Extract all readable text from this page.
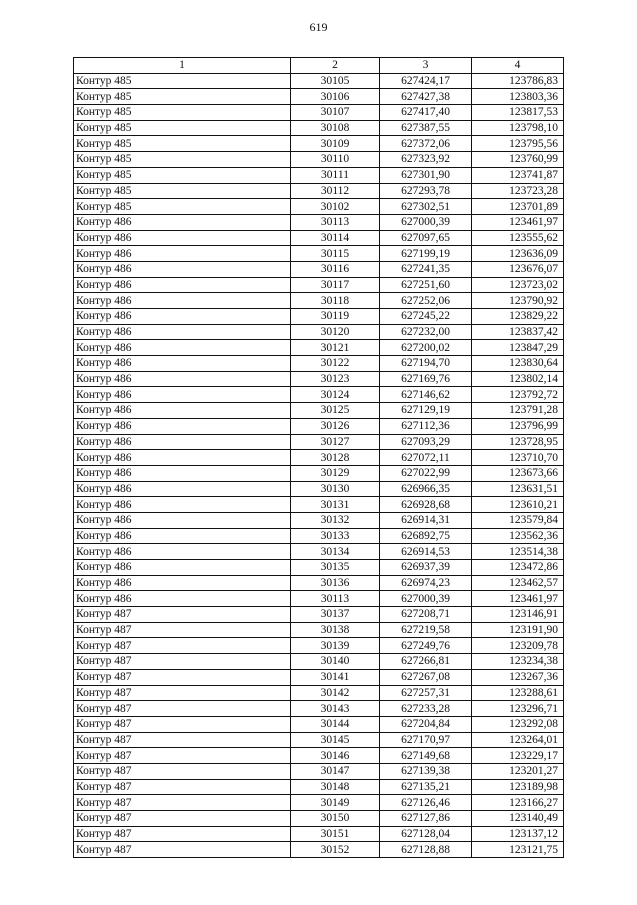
619
1	2	3	4
Контур 485	30105	627424,17	123786,83
Контур 485	30106	627427,38	123803,36
Контур 485	30107	627417,40	123817,53
Контур 485	30108	627387,55	123798,10
Контур 485	30109	627372,06	123795,56
Контур 485	30110	627323,92	123760,99
Контур 485	30111	627301,90	123741,87
Контур 485	30112	627293,78	123723,28
Контур 485	30102	627302,51	123701,89
Контур 486	30113	627000,39	123461,97
Контур 486	30114	627097,65	123555,62
Контур 486	30115	627199,19	123636,09
Контур 486	30116	627241,35	123676,07
Контур 486	30117	627251,60	123723,02
Контур 486	30118	627252,06	123790,92
Контур 486	30119	627245,22	123829,22
Контур 486	30120	627232,00	123837,42
Контур 486	30121	627200,02	123847,29
Контур 486	30122	627194,70	123830,64
Контур 486	30123	627169,76	123802,14
Контур 486	30124	627146,62	123792,72
Контур 486	30125	627129,19	123791,28
Контур 486	30126	627112,36	123796,99
Контур 486	30127	627093,29	123728,95
Контур 486	30128	627072,11	123710,70
Контур 486	30129	627022,99	123673,66
Контур 486	30130	626966,35	123631,51
Контур 486	30131	626928,68	123610,21
Контур 486	30132	626914,31	123579,84
Контур 486	30133	626892,75	123562,36
Контур 486	30134	626914,53	123514,38
Контур 486	30135	626937,39	123472,86
Контур 486	30136	626974,23	123462,57
Контур 486	30113	627000,39	123461,97
Контур 487	30137	627208,71	123146,91
Контур 487	30138	627219,58	123191,90
Контур 487	30139	627249,76	123209,78
Контур 487	30140	627266,81	123234,38
Контур 487	30141	627267,08	123267,36
Контур 487	30142	627257,31	123288,61
Контур 487	30143	627233,28	123296,71
Контур 487	30144	627204,84	123292,08
Контур 487	30145	627170,97	123264,01
Контур 487	30146	627149,68	123229,17
Контур 487	30147	627139,38	123201,27
Контур 487	30148	627135,21	123189,98
Контур 487	30149	627126,46	123166,27
Контур 487	30150	627127,86	123140,49
Контур 487	30151	627128,04	123137,12
Контур 487	30152	627128,88	123121,75
